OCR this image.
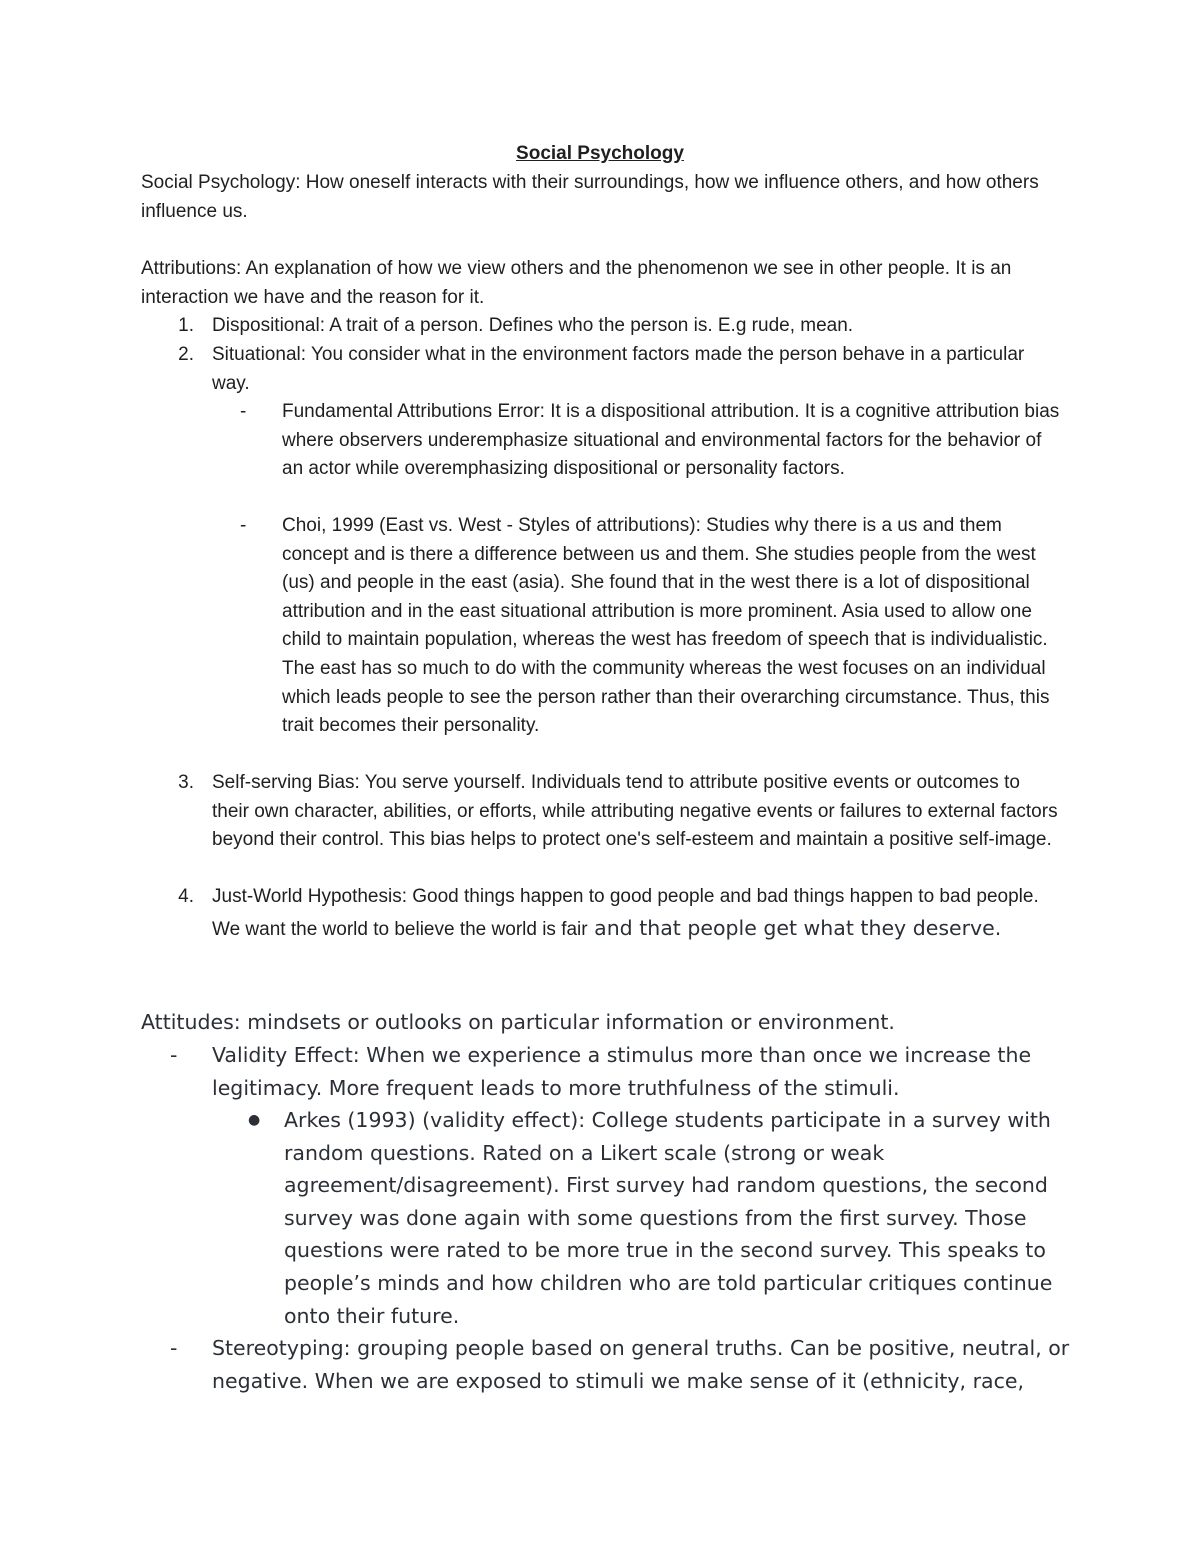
Social Psychology

Social Psychology: How oneself interacts with their surroundings, how we influence others, and how others influence us.

Attributions: An explanation of how we view others and the phenomenon we see in other people. It is an interaction we have and the reason for it.

1. Dispositional: A trait of a person. Defines who the person is. E.g rude, mean.
2. Situational: You consider what in the environment factors made the person behave in a particular way.
-	Fundamental Attributions Error: It is a dispositional attribution. It is a cognitive attribution bias where observers underemphasize situational and environmental factors for the behavior of an actor while overemphasizing dispositional or personality factors.
-	Choi, 1999 (East vs. West - Styles of attributions): Studies why there is a us and them concept and is there a difference between us and them. She studies people from the west (us) and people in the east (asia). She found that in the west there is a lot of dispositional attribution and in the east situational attribution is more prominent. Asia used to allow one child to maintain population, whereas the west has freedom of speech that is individualistic. The east has so much to do with the community whereas the west focuses on an individual which leads people to see the person rather than their overarching circumstance. Thus, this trait becomes their personality.
3. Self-serving Bias: You serve yourself. Individuals tend to attribute positive events or outcomes to their own character, abilities, or efforts, while attributing negative events or failures to external factors beyond their control. This bias helps to protect one's self-esteem and maintain a positive self-image.
4. Just-World Hypothesis: Good things happen to good people and bad things happen to bad people. We want the world to believe the world is fair and that people get what they deserve.

Attitudes: mindsets or outlooks on particular information or environment.

-	Validity Effect: When we experience a stimulus more than once we increase the legitimacy. More frequent leads to more truthfulness of the stimuli.
● Arkes (1993) (validity effect): College students participate in a survey with random questions. Rated on a Likert scale (strong or weak agreement/disagreement). First survey had random questions, the second survey was done again with some questions from the first survey. Those questions were rated to be more true in the second survey. This speaks to people’s minds and how children who are told particular critiques continue onto their future.
-	Stereotyping: grouping people based on general truths. Can be positive, neutral, or negative. When we are exposed to stimuli we make sense of it (ethnicity, race,
